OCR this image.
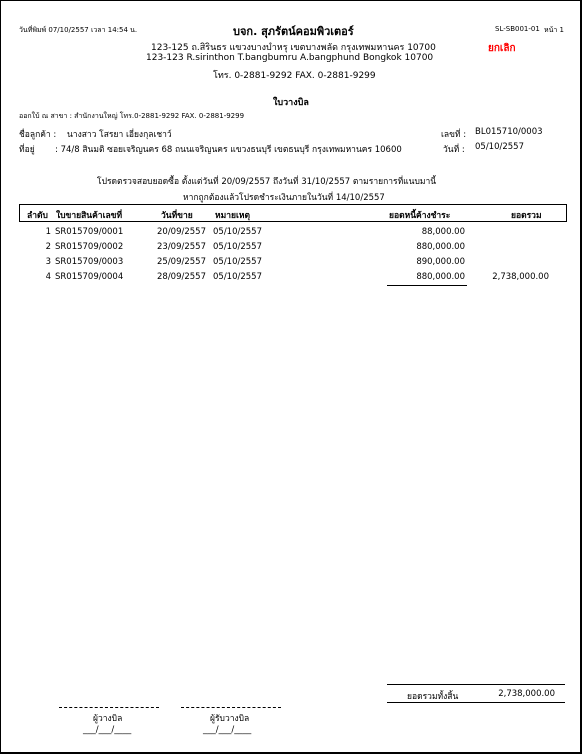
วันที่พิมพ์ 07/10/2557 เวลา 14:54 น.	บจก. สุภรัตน์คอมพิวเตอร์	SL-SB001-01 หน้า 1
123-125 ถ.สิรินธร แขวงบางบำหรุ เขตบางพลัด กรุงเทพมหานคร 10700	ยกเลิก
123-123 R.sirinthon T.bangbumru A.bangphund Bongkok 10700
โทร. 0-2881-9292 FAX. 0-2881-9299
ใบวางบิล
ออกใบ้ ณ สาขา : สำนักงานใหญ่ โทร.0-2881-9292 FAX. 0-2881-9299
ชื่อลูกค้า : นางสาว โสรยา เอี่ยงกุลเชาว์	เลขที่ : BL015710/0003
ที่อยู่ : 74/8 สินมติ ซอยเจริญนคร 68 ถนนเจริญนคร แขวงธนบุรี เขตธนบุรี กรุงเทพมหานคร 10600	วันที่ : 05/10/2557
โปรดตรวจสอบยอดซื้อ ตั้งแต่วันที่ 20/09/2557 ถึงวันที่ 31/10/2557 ตามรายการที่แนบมานี้
หากถูกต้องแล้วโปรดชำระเงินภายในวันที่ 14/10/2557
ลำดับ ใบขายสินค้าเลขที่	วันที่ขาย	หมายเหตุ	ยอดหนี้ค้างชำระ	ยอดรวม
1 SR015709/0001	20/09/2557 05/10/2557	88,000.00
2 SR015709/0002	23/09/2557 05/10/2557	880,000.00
3 SR015709/0003	25/09/2557 05/10/2557	890,000.00
4 SR015709/0004	28/09/2557 05/10/2557	880,000.00	2,738,000.00
ยอดรวมทั้งสิ้น	2,738,000.00
ผู้วางบิล	ผู้รับวางบิล
___/___/____	___/___/____
